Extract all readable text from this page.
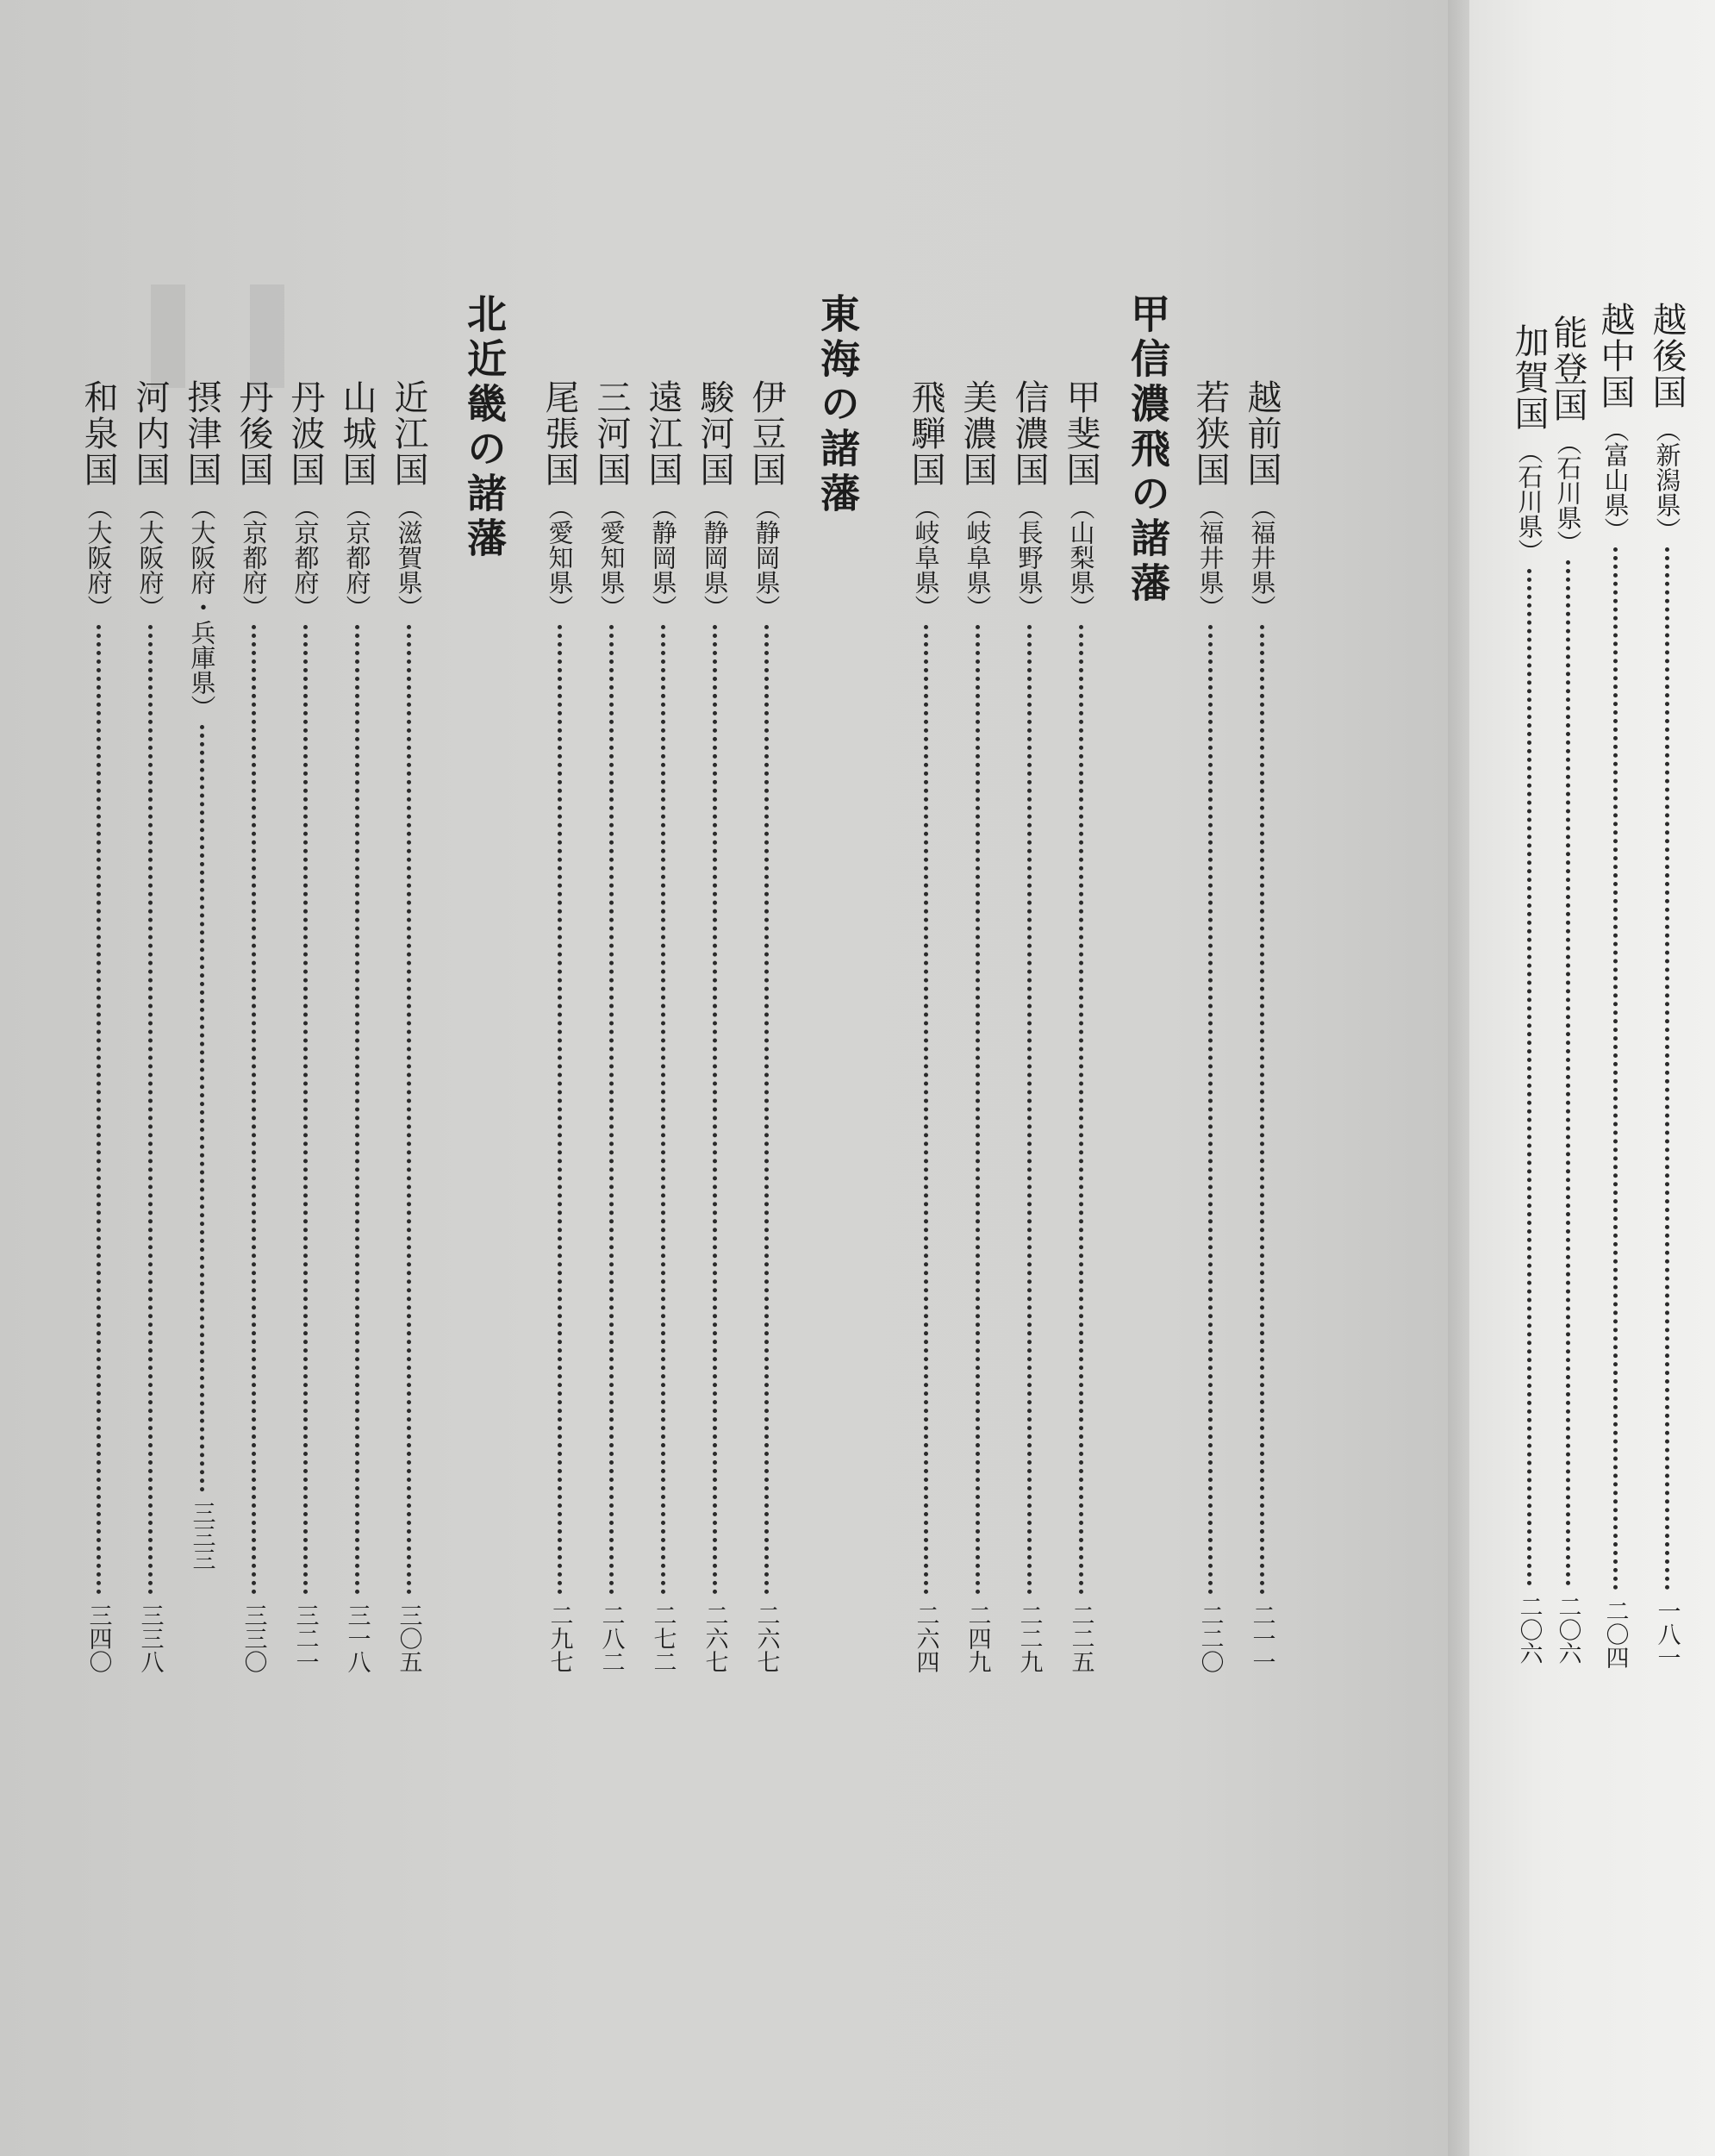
越後国
（新潟県）
一八一
越中国
（富山県）
二〇四
能登国
（石川県）
二〇六
加賀国
（石川県）
二〇六
越前国
（福井県）
二一一
若狭国
（福井県）
二二〇
甲信濃飛の諸藩
甲斐国
（山梨県）
二二五
信濃国
（長野県）
二二九
美濃国
（岐阜県）
二四九
飛騨国
（岐阜県）
二六四
東海の諸藩
伊豆国
（静岡県）
二六七
駿河国
（静岡県）
二六七
遠江国
（静岡県）
二七二
三河国
（愛知県）
二八二
尾張国
（愛知県）
二九七
北近畿の諸藩
近江国
（滋賀県）
三〇五
山城国
（京都府）
三一八
丹波国
（京都府）
三二一
丹後国
（京都府）
三三〇
摂津国
（大阪府・兵庫県）
三三三
河内国
（大阪府）
三三八
和泉国
（大阪府）
三四〇
